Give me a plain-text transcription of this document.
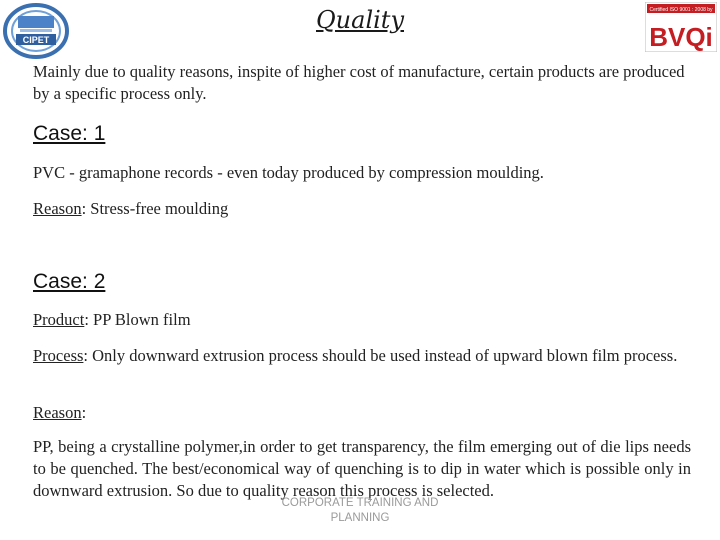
CIPET
Certified ISO 9001 : 2008 by
BVQi
Quality
Mainly due to quality reasons, inspite of higher cost of manufacture, certain products are produced by a specific process only.
Case: 1
PVC - gramaphone records - even today produced by compression moulding.
Reason: Stress-free moulding
Case: 2
Product: PP Blown film
Process: Only downward extrusion process should be used instead of upward blown film process.
Reason:
PP, being a crystalline polymer,in order to get transparency, the film emerging out of die lips needs to be quenched. The best/economical way of quenching is to dip in water which is possible only in downward extrusion. So due to quality reason this process is selected.
CORPORATE TRAINING AND
PLANNING
